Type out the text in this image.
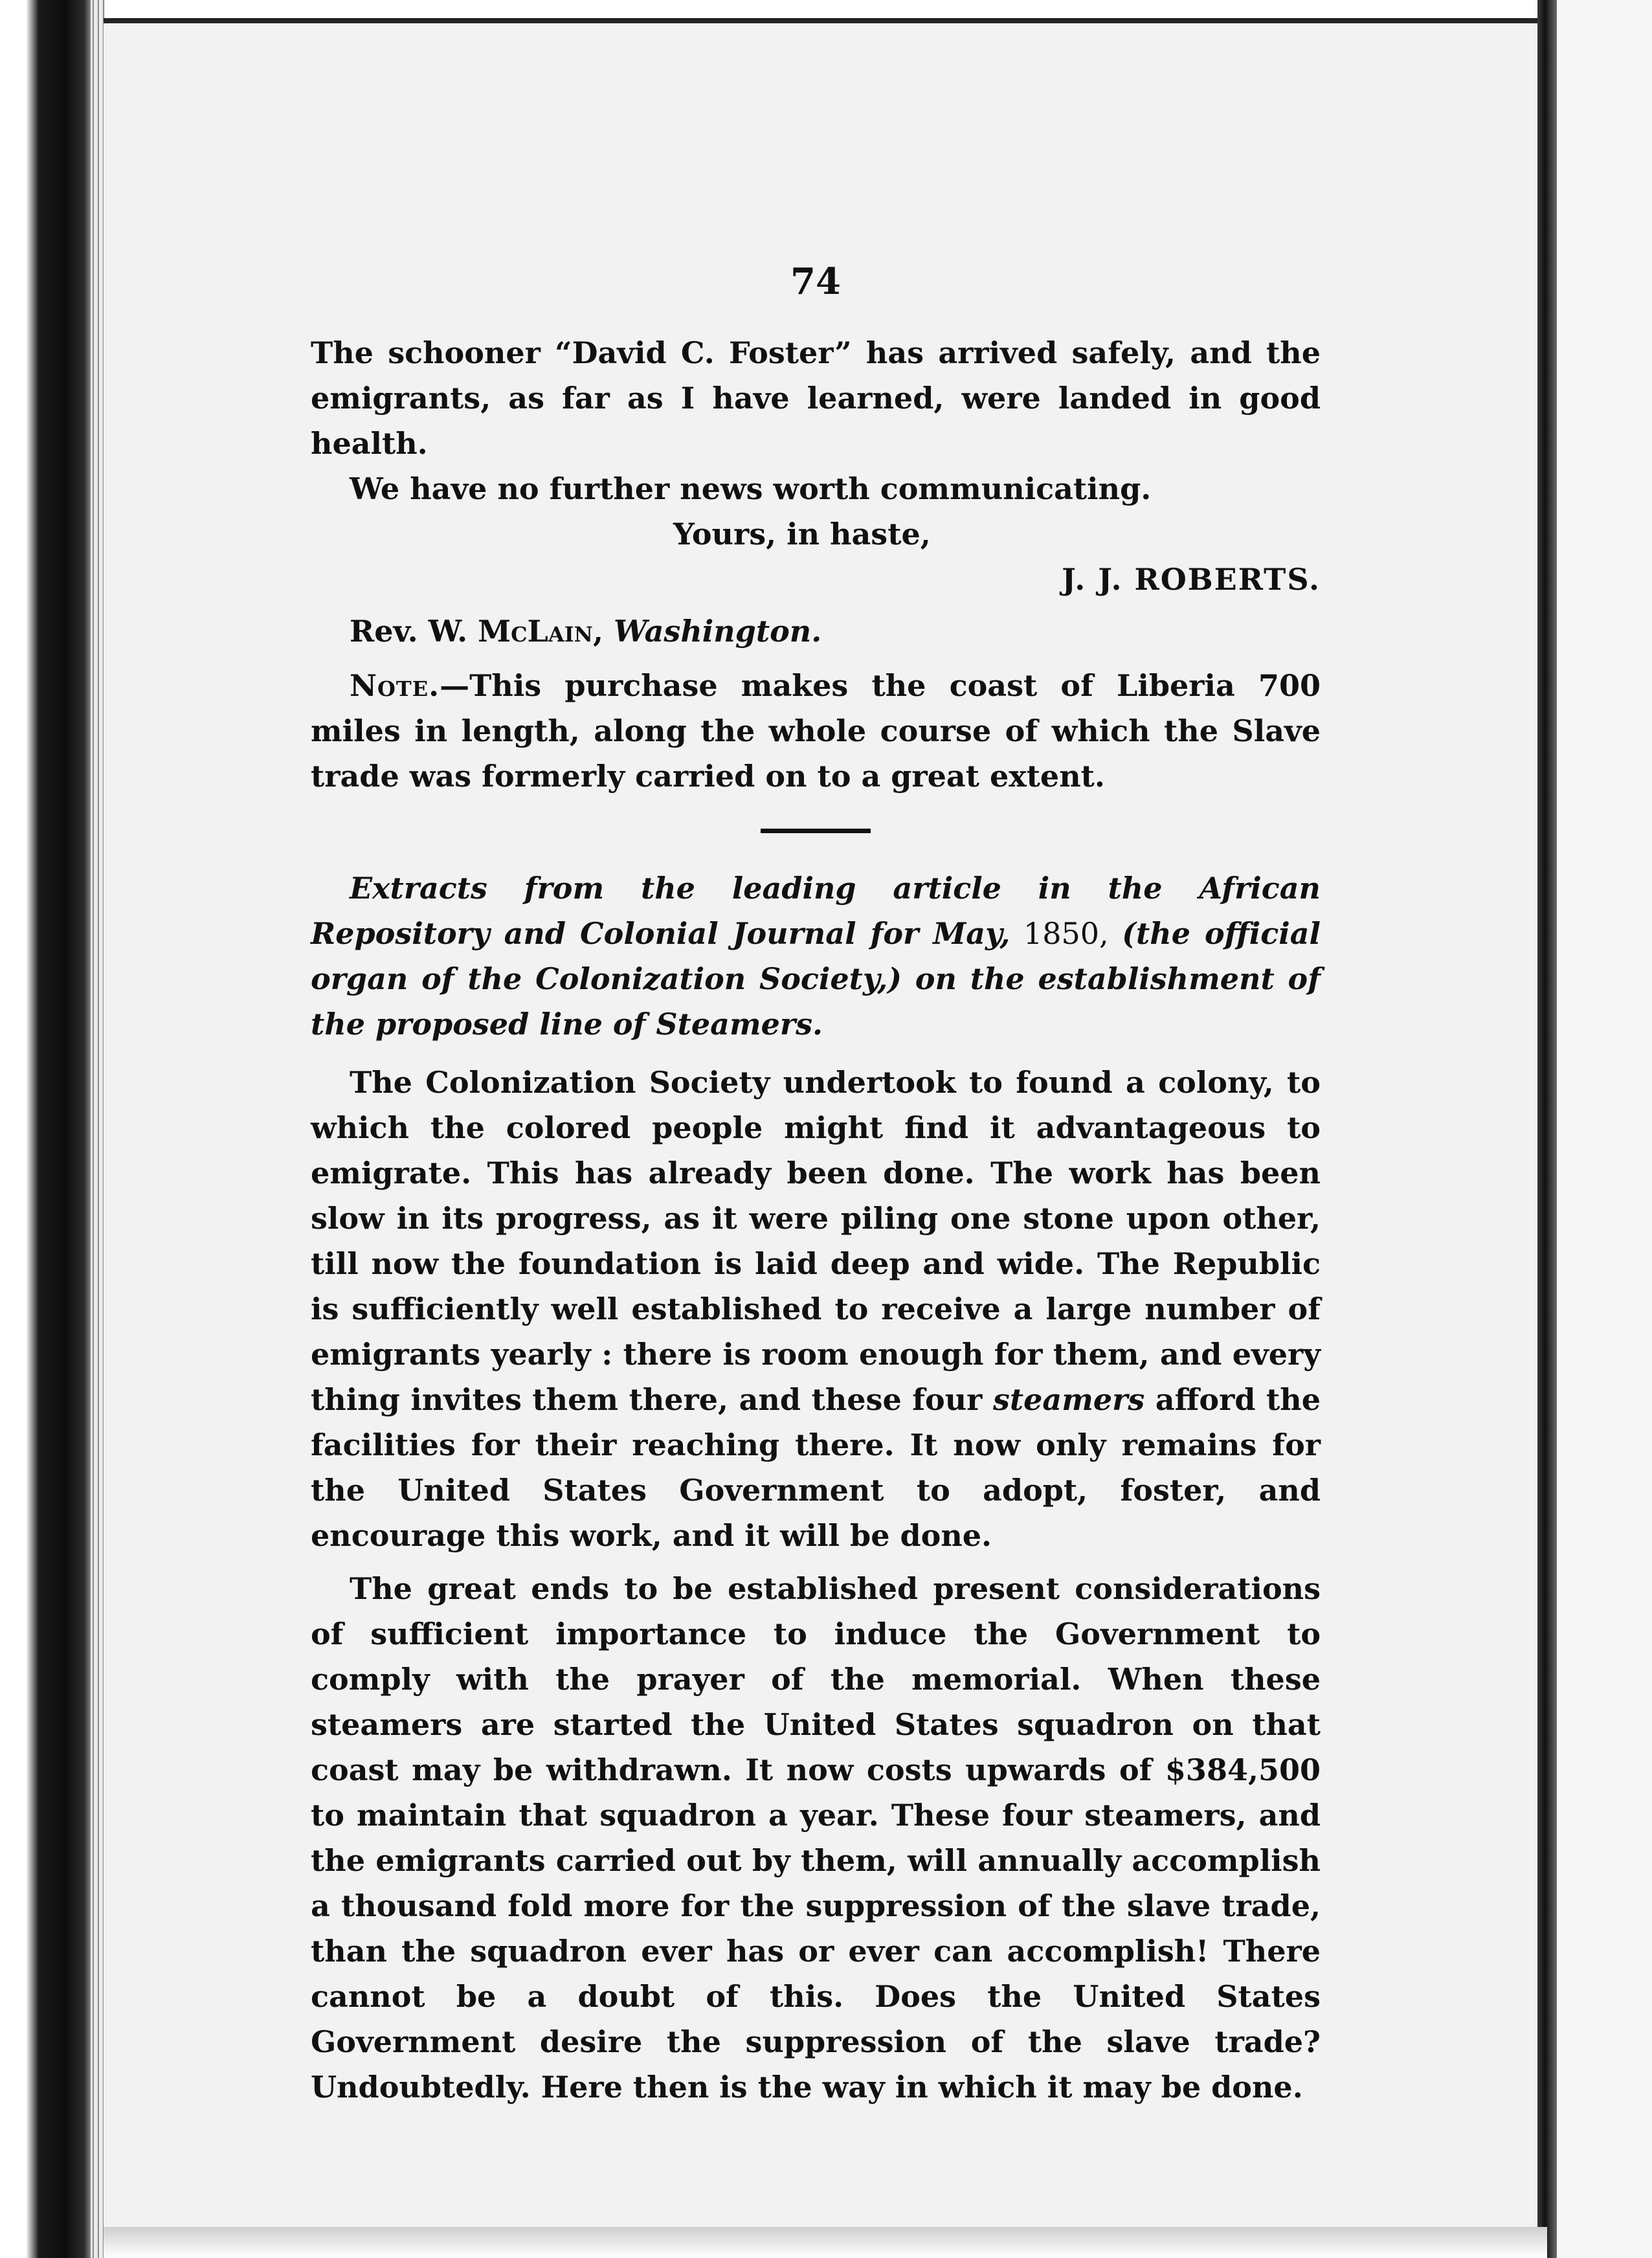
74

The schooner “David C. Foster” has arrived safely, and the emigrants, as far as I have learned, were landed in good health.

We have no further news worth communicating.

Yours, in haste,

J. J. ROBERTS.

Rev. W. McLain, Washington.

Note.—This purchase makes the coast of Liberia 700 miles in length, along the whole course of which the Slave trade was formerly carried on to a great extent.

Extracts from the leading article in the African Repository and Colonial Journal for May, 1850, (the official organ of the Colonization Society,) on the establishment of the proposed line of Steamers.

The Colonization Society undertook to found a colony, to which the colored people might find it advantageous to emigrate. This has already been done. The work has been slow in its progress, as it were piling one stone upon other, till now the foundation is laid deep and wide. The Republic is sufficiently well established to receive a large number of emigrants yearly : there is room enough for them, and every thing invites them there, and these four steamers afford the facilities for their reaching there. It now only remains for the United States Government to adopt, foster, and encourage this work, and it will be done.

The great ends to be established present considerations of sufficient importance to induce the Government to comply with the prayer of the memorial. When these steamers are started the United States squadron on that coast may be withdrawn. It now costs upwards of $384,500 to maintain that squadron a year. These four steamers, and the emigrants carried out by them, will annually accomplish a thousand fold more for the suppression of the slave trade, than the squadron ever has or ever can accomplish! There cannot be a doubt of this. Does the United States Government desire the suppression of the slave trade? Undoubtedly. Here then is the way in which it may be done.
